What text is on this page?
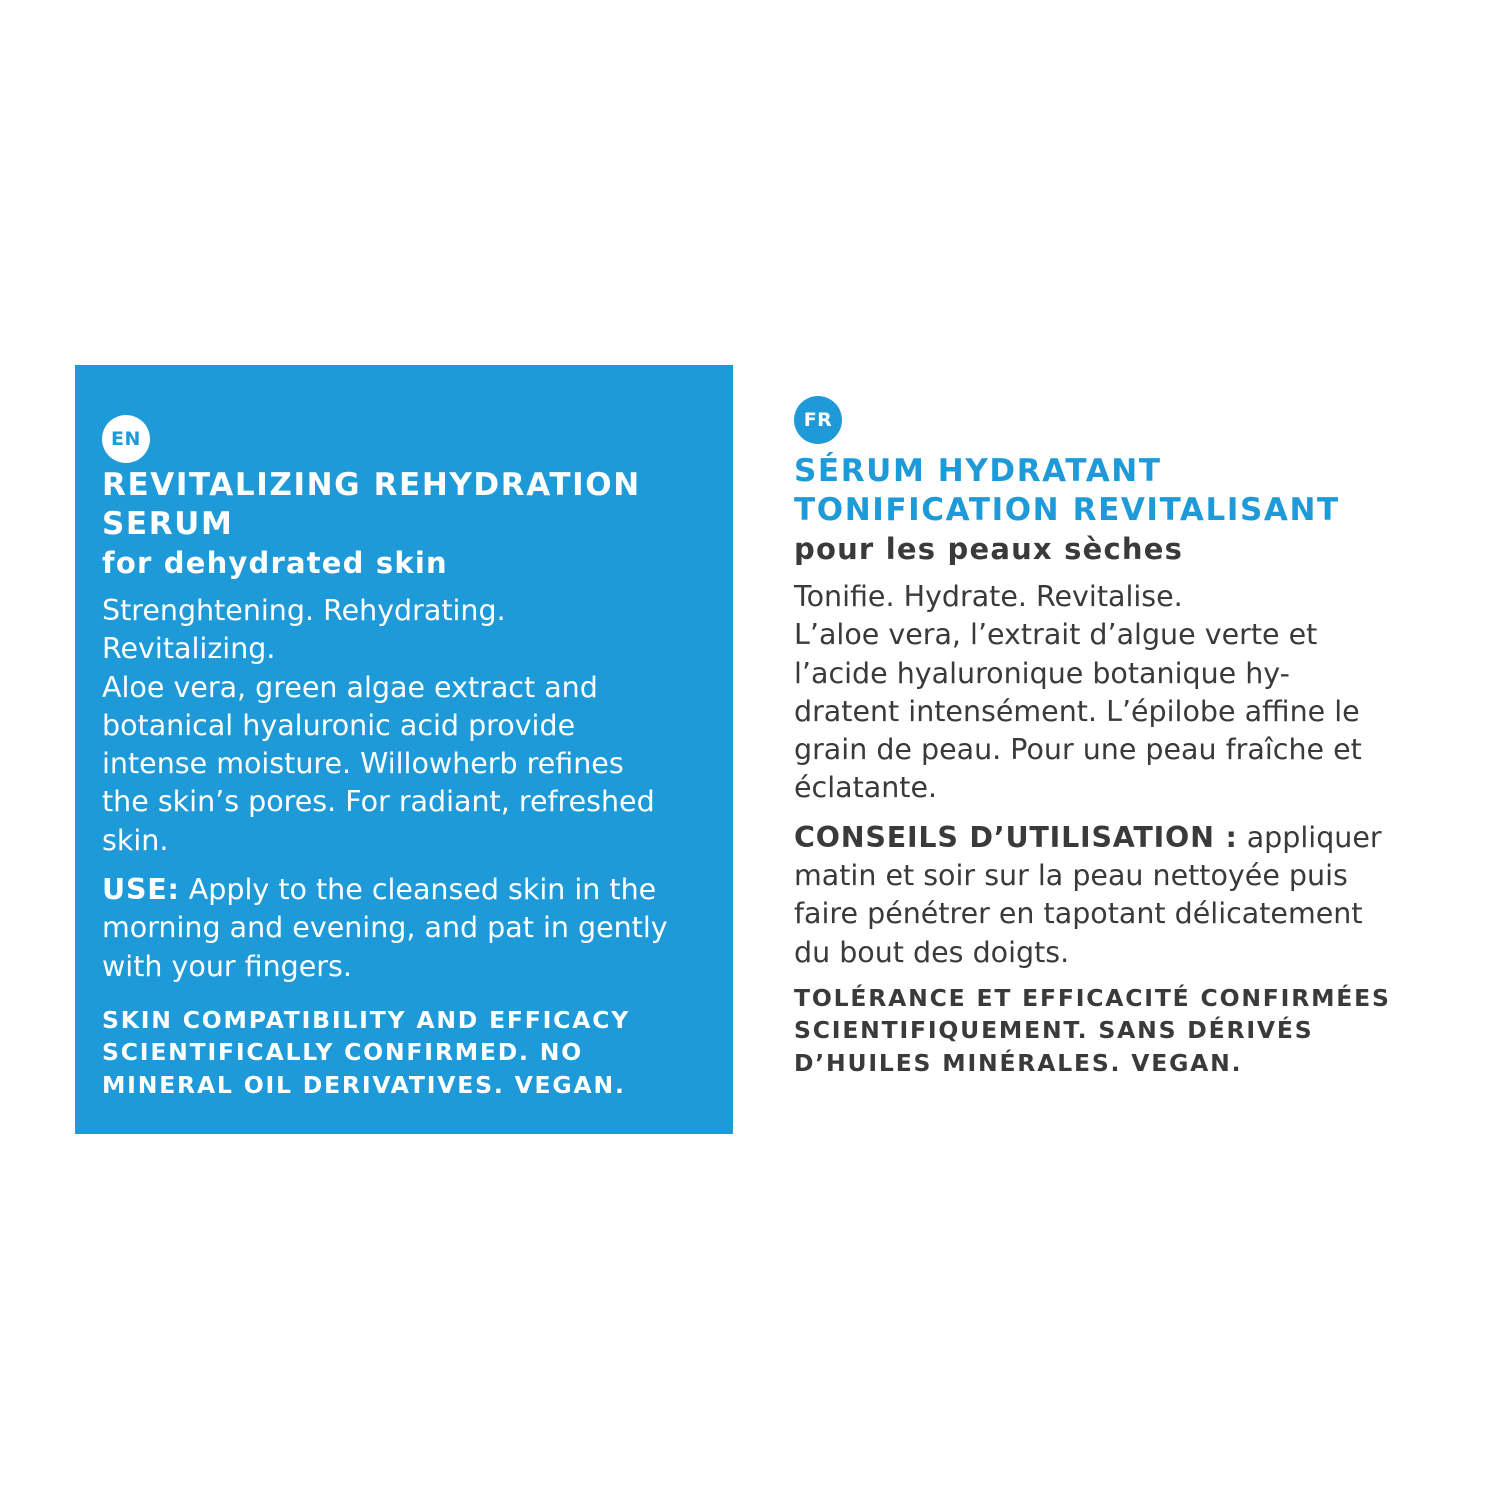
EN
REVITALIZING REHYDRATION
SERUM
for dehydrated skin

Strenghtening. Rehydrating.
Revitalizing.
Aloe vera, green algae extract and
botanical hyaluronic acid provide
intense moisture. Willowherb refines
the skin’s pores. For radiant, refreshed
skin.

USE: Apply to the cleansed skin in the
morning and evening, and pat in gently
with your fingers.

SKIN COMPATIBILITY AND EFFICACY
SCIENTIFICALLY CONFIRMED. NO
MINERAL OIL DERIVATIVES. VEGAN.

FR
SÉRUM HYDRATANT
TONIFICATION REVITALISANT
pour les peaux sèches

Tonifie. Hydrate. Revitalise.
L’aloe vera, l’extrait d’algue verte et
l’acide hyaluronique botanique hy-
dratent intensément. L’épilobe affine le
grain de peau. Pour une peau fraîche et
éclatante.

CONSEILS D’UTILISATION : appliquer
matin et soir sur la peau nettoyée puis
faire pénétrer en tapotant délicatement
du bout des doigts.

TOLÉRANCE ET EFFICACITÉ CONFIRMÉES
SCIENTIFIQUEMENT. SANS DÉRIVÉS
D’HUILES MINÉRALES. VEGAN.
